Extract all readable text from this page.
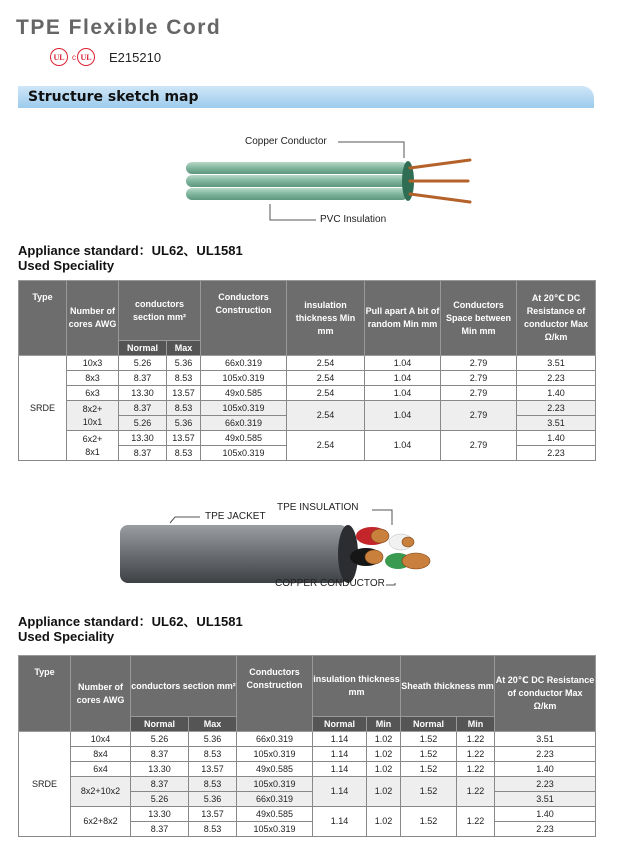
TPE Flexible Cord
UL c UL E215210
Structure sketch map
Copper Conductor
PVC Insulation
Appliance standard：UL62、UL1581
Used Speciality
Type	Number of cores AWG	conductors section mm²		Conductors Construction	insulation thickness Min mm	Pull apart A bit of random Min mm	Conductors Space between Min mm	At 20℃ DC Resistance of conductor Max Ω/km
		Normal	Max					
SRDE	10x3	5.26	5.36	66x0.319	2.54	1.04	2.79	3.51
	8x3	8.37	8.53	105x0.319	2.54	1.04	2.79	2.23
	6x3	13.30	13.57	49x0.585	2.54	1.04	2.79	1.40
	8x2+
10x1	8.37	8.53	105x0.319	2.54	1.04	2.79	2.23
		5.26	5.36	66x0.319				3.51
	6x2+
8x1	13.30	13.57	49x0.585	2.54	1.04	2.79	1.40
		8.37	8.53	105x0.319				2.23
TPE JACKET
TPE INSULATION
COPPER CONDUCTOR
Appliance standard：UL62、UL1581
Used Speciality
Type	Number of cores AWG	conductors section mm²		Conductors Construction	insulation thickness mm		Sheath thickness mm		At 20℃ DC Resistance of conductor Max Ω/km
		Normal	Max		Normal	Min	Normal	Min	
SRDE	10x4	5.26	5.36	66x0.319	1.14	1.02	1.52	1.22	3.51
	8x4	8.37	8.53	105x0.319	1.14	1.02	1.52	1.22	2.23
	6x4	13.30	13.57	49x0.585	1.14	1.02	1.52	1.22	1.40
	8x2+10x2	8.37	8.53	105x0.319	1.14	1.02	1.52	1.22	2.23
		5.26	5.36	66x0.319					3.51
	6x2+8x2	13.30	13.57	49x0.585	1.14	1.02	1.52	1.22	1.40
		8.37	8.53	105x0.319					2.23
